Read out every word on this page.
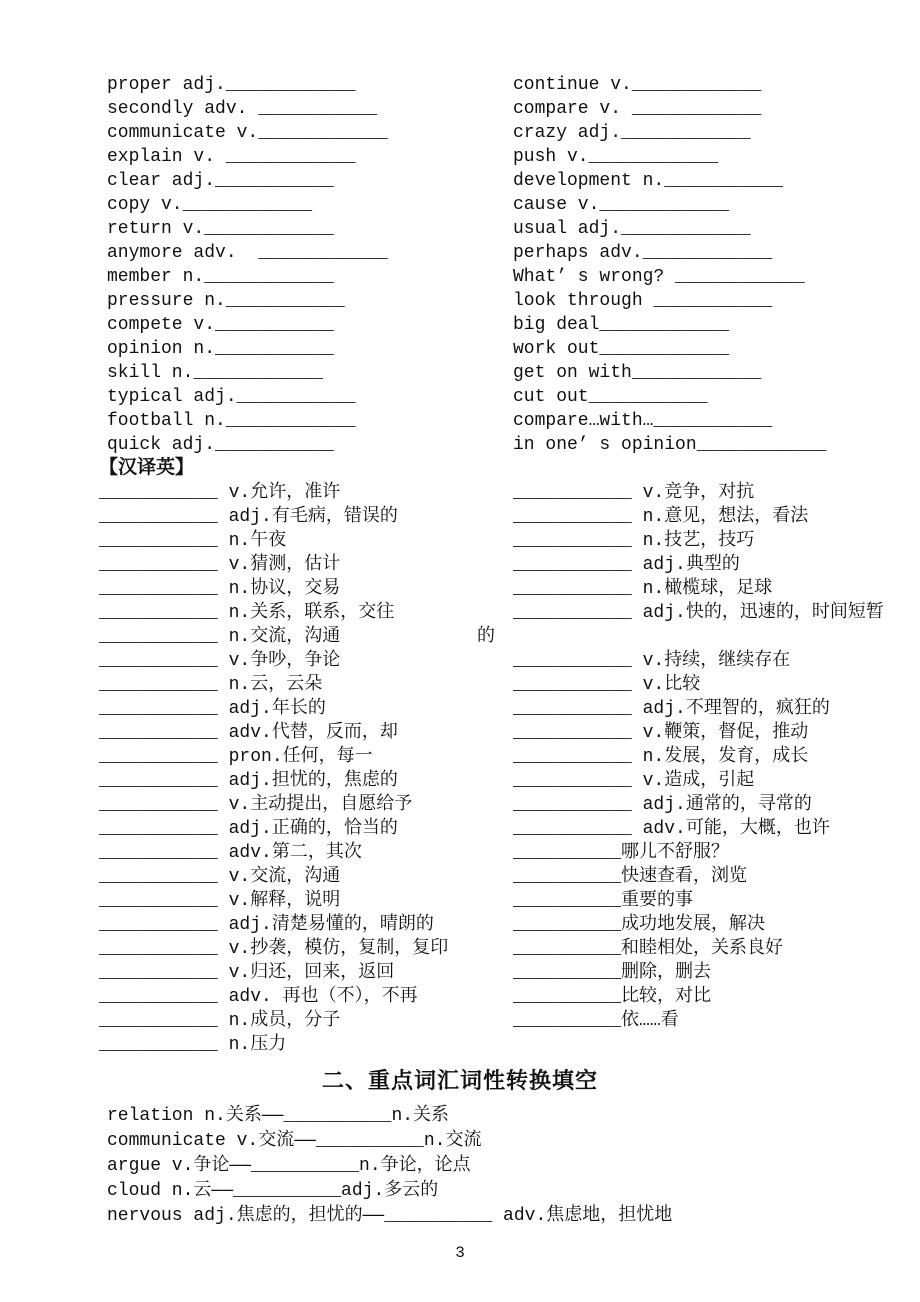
proper adj.____________
secondly adv. ___________
communicate v.____________
explain v. ____________
clear adj.___________
copy v.____________
return v.____________
anymore adv.  ____________
member n.____________
pressure n.___________
compete v.___________
opinion n.___________
skill n.____________
typical adj.___________
football n.____________
quick adj.___________
continue v.____________
compare v. ____________
crazy adj.____________
push v.____________
development n.___________
cause v.____________
usual adj.____________
perhaps adv.____________
What’ s wrong? ____________
look through ___________
big deal____________
work out____________
get on with____________
cut out___________
compare…with…___________
in one’ s opinion____________
【汉译英】
___________ v.允许，准许
___________ adj.有毛病，错误的
___________ n.午夜
___________ v.猜测，估计
___________ n.协议，交易
___________ n.关系，联系，交往
___________ n.交流，沟通
___________ v.争吵，争论
___________ n.云，云朵
___________ adj.年长的
___________ adv.代替，反而，却
___________ pron.任何，每一
___________ adj.担忧的，焦虑的
___________ v.主动提出，自愿给予
___________ adj.正确的，恰当的
___________ adv.第二，其次
___________ v.交流，沟通
___________ v.解释，说明
___________ adj.清楚易懂的，晴朗的
___________ v.抄袭，模仿，复制，复印
___________ v.归还，回来，返回
___________ adv. 再也（不），不再
___________ n.成员，分子
___________ n.压力
___________ v.竞争，对抗
___________ n.意见，想法，看法
___________ n.技艺，技巧
___________ adj.典型的
___________ n.橄榄球，足球
___________ adj.快的，迅速的，时间短暂
___________ v.持续，继续存在
___________ v.比较
___________ adj.不理智的，疯狂的
___________ v.鞭策，督促，推动
___________ n.发展，发育，成长
___________ v.造成，引起
___________ adj.通常的，寻常的
___________ adv.可能，大概，也许
__________哪儿不舒服？
__________快速查看，浏览
__________重要的事
__________成功地发展，解决
__________和睦相处，关系良好
__________删除，删去
__________比较，对比
__________依……看
的
二、重点词汇词性转换填空
relation n.关系——__________n.关系
communicate v.交流——__________n.交流
argue v.争论——__________n.争论，论点
cloud n.云——__________adj.多云的
nervous adj.焦虑的，担忧的——__________ adv.焦虑地，担忧地
3
